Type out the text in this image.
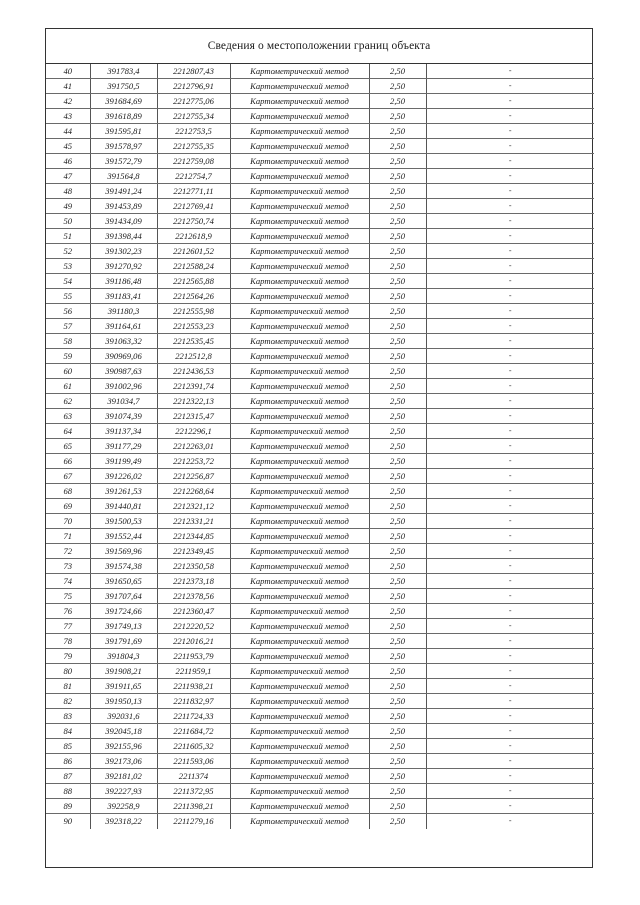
Сведения о местоположении границ объекта
40	391783,4	2212807,43	Картометрический метод	2,50	-
41	391750,5	2212796,91	Картометрический метод	2,50	-
42	391684,69	2212775,06	Картометрический метод	2,50	-
43	391618,89	2212755,34	Картометрический метод	2,50	-
44	391595,81	2212753,5	Картометрический метод	2,50	-
45	391578,97	2212755,35	Картометрический метод	2,50	-
46	391572,79	2212759,08	Картометрический метод	2,50	-
47	391564,8	2212754,7	Картометрический метод	2,50	-
48	391491,24	2212771,11	Картометрический метод	2,50	-
49	391453,89	2212769,41	Картометрический метод	2,50	-
50	391434,09	2212750,74	Картометрический метод	2,50	-
51	391398,44	2212618,9	Картометрический метод	2,50	-
52	391302,23	2212601,52	Картометрический метод	2,50	-
53	391270,92	2212588,24	Картометрический метод	2,50	-
54	391186,48	2212565,88	Картометрический метод	2,50	-
55	391183,41	2212564,26	Картометрический метод	2,50	-
56	391180,3	2212555,98	Картометрический метод	2,50	-
57	391164,61	2212553,23	Картометрический метод	2,50	-
58	391063,32	2212535,45	Картометрический метод	2,50	-
59	390969,06	2212512,8	Картометрический метод	2,50	-
60	390987,63	2212436,53	Картометрический метод	2,50	-
61	391002,96	2212391,74	Картометрический метод	2,50	-
62	391034,7	2212322,13	Картометрический метод	2,50	-
63	391074,39	2212315,47	Картометрический метод	2,50	-
64	391137,34	2212296,1	Картометрический метод	2,50	-
65	391177,29	2212263,01	Картометрический метод	2,50	-
66	391199,49	2212253,72	Картометрический метод	2,50	-
67	391226,02	2212256,87	Картометрический метод	2,50	-
68	391261,53	2212268,64	Картометрический метод	2,50	-
69	391440,81	2212321,12	Картометрический метод	2,50	-
70	391500,53	2212331,21	Картометрический метод	2,50	-
71	391552,44	2212344,85	Картометрический метод	2,50	-
72	391569,96	2212349,45	Картометрический метод	2,50	-
73	391574,38	2212350,58	Картометрический метод	2,50	-
74	391650,65	2212373,18	Картометрический метод	2,50	-
75	391707,64	2212378,56	Картометрический метод	2,50	-
76	391724,66	2212360,47	Картометрический метод	2,50	-
77	391749,13	2212220,52	Картометрический метод	2,50	-
78	391791,69	2212016,21	Картометрический метод	2,50	-
79	391804,3	2211953,79	Картометрический метод	2,50	-
80	391908,21	2211959,1	Картометрический метод	2,50	-
81	391911,65	2211938,21	Картометрический метод	2,50	-
82	391950,13	2211832,97	Картометрический метод	2,50	-
83	392031,6	2211724,33	Картометрический метод	2,50	-
84	392045,18	2211684,72	Картометрический метод	2,50	-
85	392155,96	2211605,32	Картометрический метод	2,50	-
86	392173,06	2211593,06	Картометрический метод	2,50	-
87	392181,02	2211374	Картометрический метод	2,50	-
88	392227,93	2211372,95	Картометрический метод	2,50	-
89	392258,9	2211398,21	Картометрический метод	2,50	-
90	392318,22	2211279,16	Картометрический метод	2,50	-
